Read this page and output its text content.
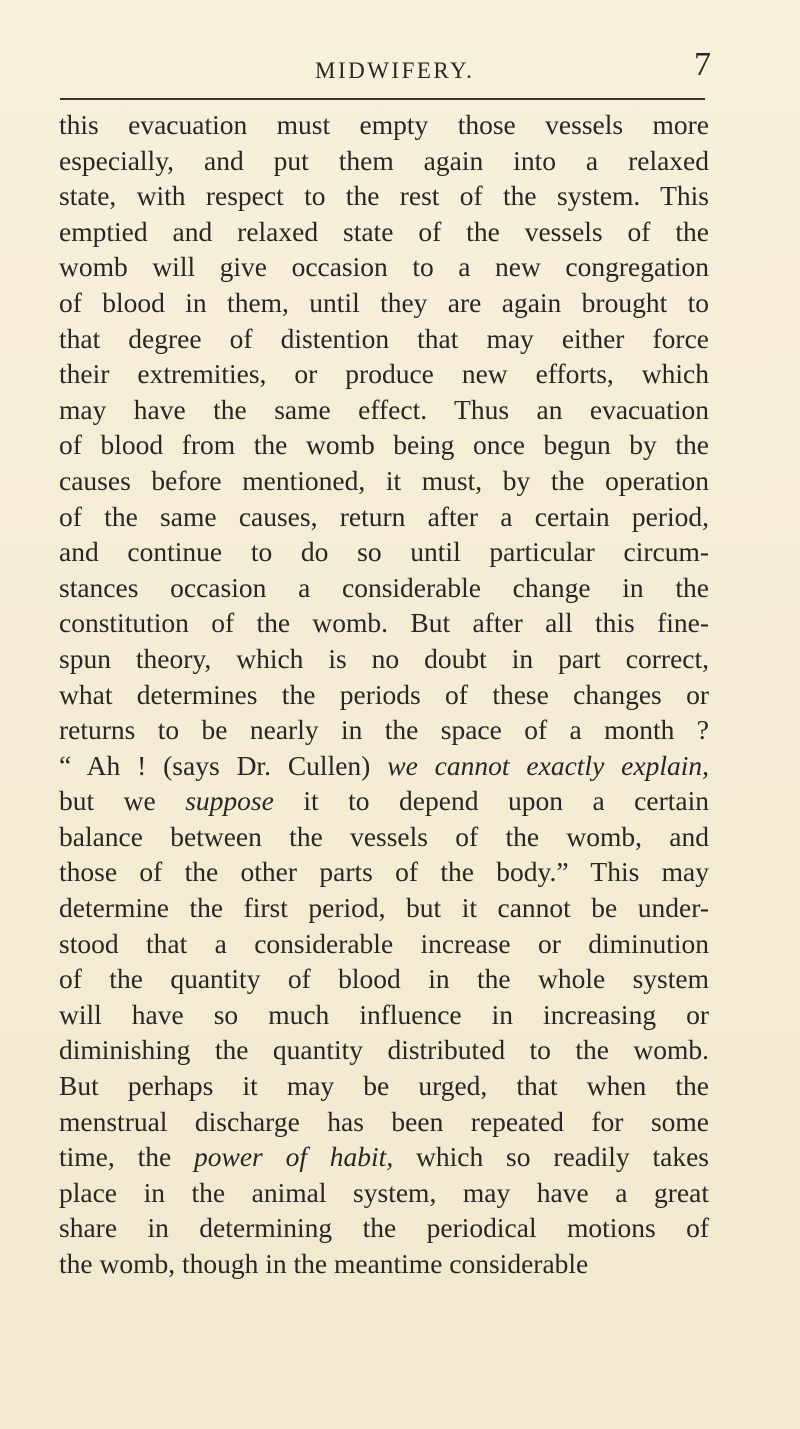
MIDWIFERY.	7
this evacuation must empty those vessels more
especially, and put them again into a relaxed
state, with respect to the rest of the system. This
emptied and relaxed state of the vessels of the
womb will give occasion to a new congregation
of blood in them, until they are again brought to
that degree of distention that may either force
their extremities, or produce new efforts, which
may have the same effect. Thus an evacuation
of blood from the womb being once begun by the
causes before mentioned, it must, by the operation
of the same causes, return after a certain period,
and continue to do so until particular circum-
stances occasion a considerable change in the
constitution of the womb. But after all this fine-
spun theory, which is no doubt in part correct,
what determines the periods of these changes or
returns to be nearly in the space of a month ?
“ Ah ! (says Dr. Cullen) we cannot exactly explain,
but we suppose it to depend upon a certain
balance between the vessels of the womb, and
those of the other parts of the body.” This may
determine the first period, but it cannot be under-
stood that a considerable increase or diminution
of the quantity of blood in the whole system
will have so much influence in increasing or
diminishing the quantity distributed to the womb.
But perhaps it may be urged, that when the
menstrual discharge has been repeated for some
time, the power of habit, which so readily takes
place in the animal system, may have a great
share in determining the periodical motions of
the womb, though in the meantime considerable
